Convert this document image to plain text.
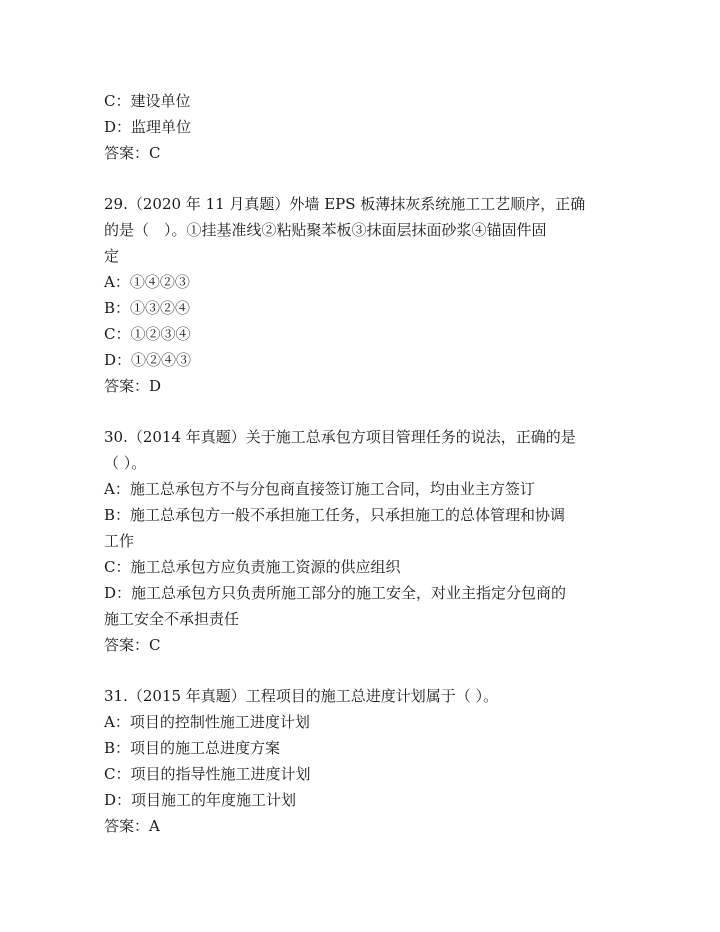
C：建设单位
D：监理单位
答案：C
29.（2020 年 11 月真题）外墙 EPS 板薄抹灰系统施工工艺顺序，正确
的是（　）。①挂基准线②粘贴聚苯板③抹面层抹面砂浆④锚固件固
定
A：①④②③
B：①③②④
C：①②③④
D：①②④③
答案：D
30.（2014 年真题）关于施工总承包方项目管理任务的说法，正确的是
（ ）。
A：施工总承包方不与分包商直接签订施工合同，均由业主方签订
B：施工总承包方一般不承担施工任务，只承担施工的总体管理和协调
工作
C：施工总承包方应负责施工资源的供应组织
D：施工总承包方只负责所施工部分的施工安全，对业主指定分包商的
施工安全不承担责任
答案：C
31.（2015 年真题）工程项目的施工总进度计划属于（ ）。
A：项目的控制性施工进度计划
B：项目的施工总进度方案
C：项目的指导性施工进度计划
D：项目施工的年度施工计划
答案：A
